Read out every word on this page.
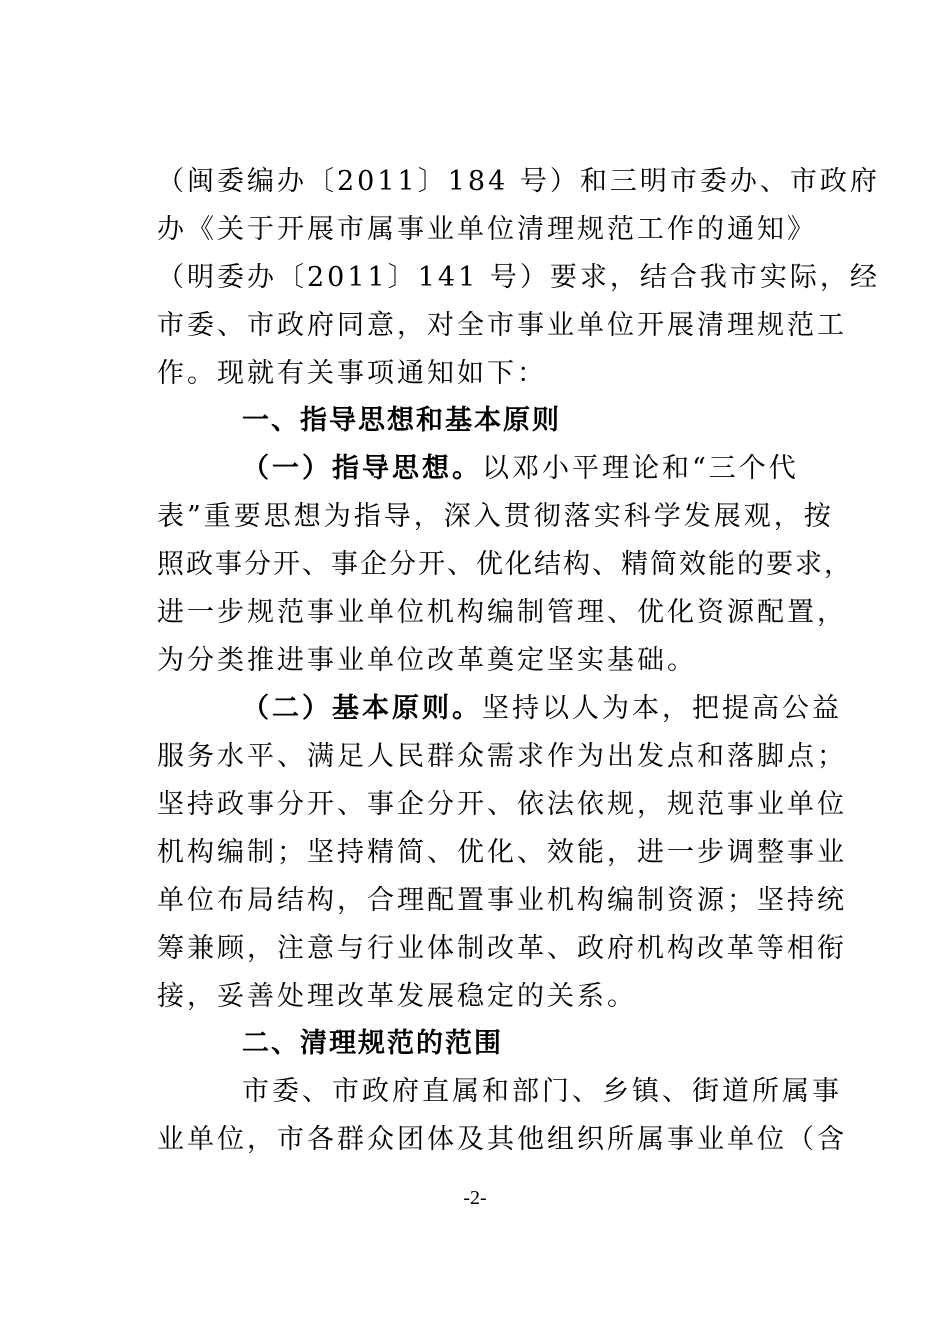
（闽委编办〔2011〕184 号）和三明市委办、市政府
办《关于开展市属事业单位清理规范工作的通知》
（明委办〔2011〕141 号）要求，结合我市实际，经
市委、市政府同意，对全市事业单位开展清理规范工
作。现就有关事项通知如下：
一、指导思想和基本原则
（一）指导思想。以邓小平理论和“三个代
表”重要思想为指导，深入贯彻落实科学发展观，按
照政事分开、事企分开、优化结构、精简效能的要求，
进一步规范事业单位机构编制管理、优化资源配置，
为分类推进事业单位改革奠定坚实基础。
（二）基本原则。坚持以人为本，把提高公益
服务水平、满足人民群众需求作为出发点和落脚点；
坚持政事分开、事企分开、依法依规，规范事业单位
机构编制；坚持精简、优化、效能，进一步调整事业
单位布局结构，合理配置事业机构编制资源；坚持统
筹兼顾，注意与行业体制改革、政府机构改革等相衔
接，妥善处理改革发展稳定的关系。
二、清理规范的范围
市委、市政府直属和部门、乡镇、街道所属事
业单位，市各群众团体及其他组织所属事业单位（含
-2-
